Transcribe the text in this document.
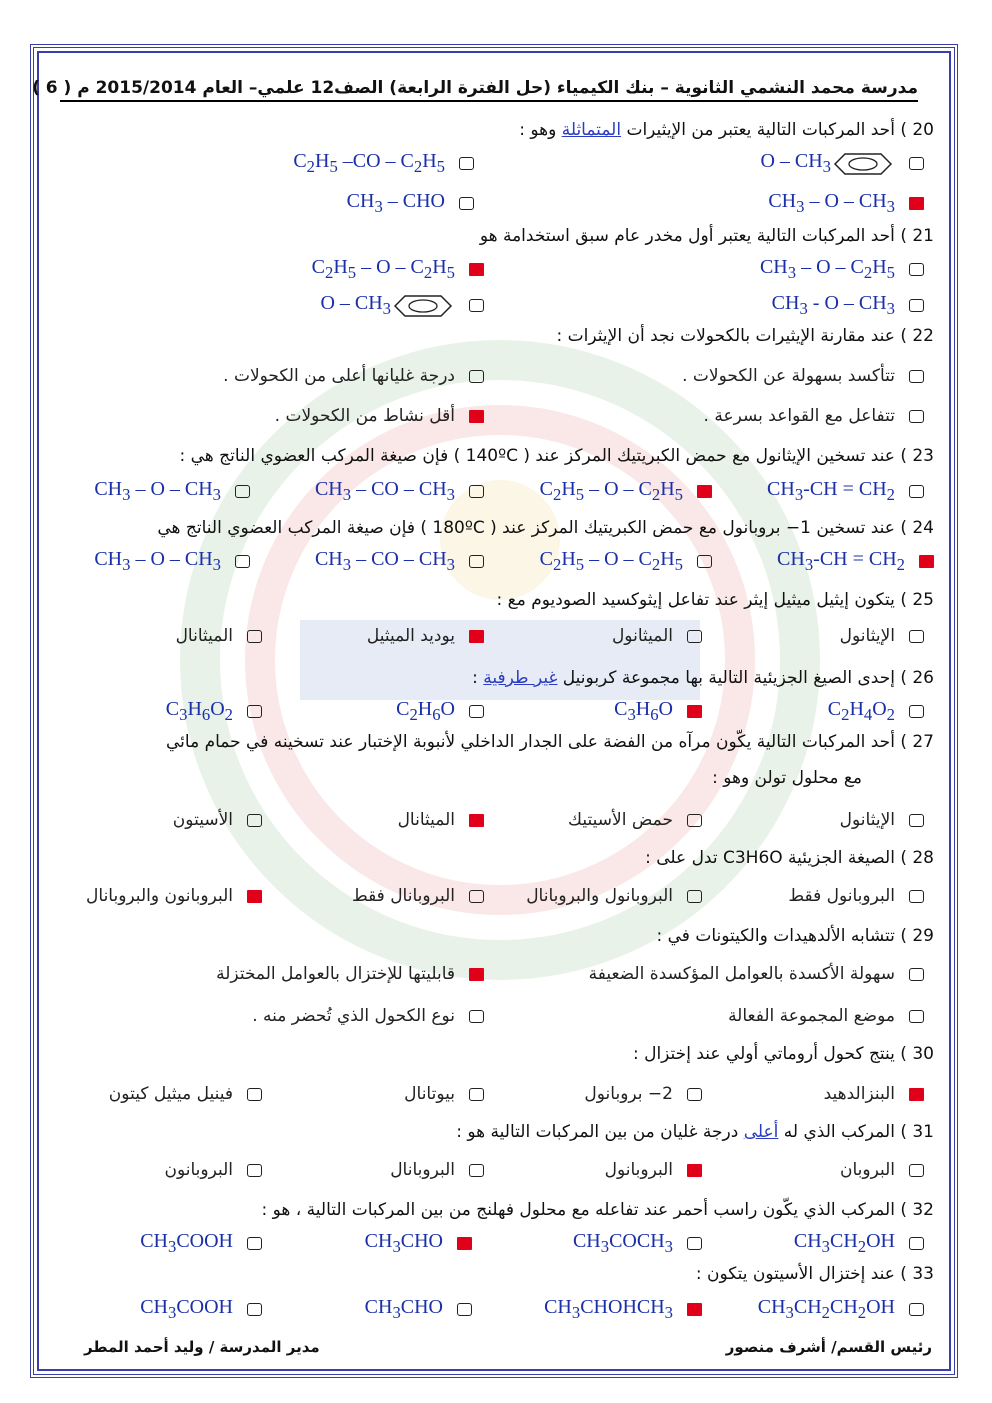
مدرسة محمد النشمي الثانوية – بنك الكيمياء (حل الفترة الرابعة) الصف12 علمي– العام 2015/2014 م ( 6 )
20 ) أحد المركبات التالية يعتبر من الإيثيرات المتماثلة وهو :
O – $CH_3$
$C_2H_5$ $-CO - C_2H_5$
$CH_3$ – O – $CH_3$
$CH_3$ – CHO
21 ) أحد المركبات التالية يعتبر أول مخدر عام سبق استخدامة هو
$CH_3$ – O – $C_2H_5$
$C_2H_5$ – O – $C_2H_5$
$CH_3$ - O – $CH_3$
O – $CH_3$
22 ) عند مقارنة الإيثيرات بالكحولات نجد أن الإيثرات :
تتأكسد بسهولة عن الكحولات .
درجة غليانها أعلى من الكحولات .
تتفاعل مع القواعد بسرعة .
أقل نشاط من الكحولات .
23 ) عند تسخين الإيثانول مع حمض الكبريتيك المركز عند ( 140ºC ) فإن صيغة المركب العضوي الناتج هي :
$CH_3-CH = CH_2$
$C_2H_5$ – O – $C_2H_5$
$CH_3$ – CO – $CH_3$
$CH_3$ – O – $CH_3$
24 ) عند تسخين 1− بروبانول مع حمض الكبريتيك المركز عند ( 180ºC ) فإن صيغة المركب العضوي الناتج هي
$CH_3-CH = CH_2$
$C_2H_5$ – O – $C_2H_5$
$CH_3$ – CO – $CH_3$
$CH_3$ – O – $CH_3$
25 ) يتكون إيثيل ميثيل إيثر عند تفاعل إيثوكسيد الصوديوم مع :
الإيثانول
الميثانول
يوديد الميثيل
الميثانال
26 ) إحدى الصيغ الجزيئية التالية بها مجموعة كربونيل غير طرفية :
$C_2H_4O_2$
$C_3H_6O$
$C_2H_6O$
$C_3H_6O_2$
27 ) أحد المركبات التالية يكّون مرآه من الفضة على الجدار الداخلي لأنبوبة الإختبار عند تسخينه في حمام مائي
مع محلول تولن وهو :
الإيثانول
حمض الأسيتيك
الميثانال
الأسيتون
28 ) الصيغة الجزيئية C3H6O تدل على :
البروبانول فقط
البروبانول والبروبانال
البروبانال فقط
البروبانون والبروبانال
29 ) تتشابه الألدهيدات والكيتونات في :
سهولة الأكسدة بالعوامل المؤكسدة الضعيفة
قابليتها للإختزال بالعوامل المختزلة
موضع المجموعة الفعالة
نوع الكحول الذي تُحضر منه .
30 ) ينتج كحول أروماتي أولي عند إختزال :
البنزالدهيد
2− بروبانول
بيوتانال
فينيل ميثيل كيتون
31 ) المركب الذي له أعلى درجة غليان من بين المركبات التالية هو :
البروبان
البروبانول
البروبانال
البروبانون
32 ) المركب الذي يكّون راسب أحمر عند تفاعله مع محلول فهلنج من بين المركبات التالية ، هو :
$CH_3CH_2OH$
$CH_3COCH_3$
$CH_3CHO$
$CH_3COOH$
33 ) عند إختزال الأسيتون يتكون :
$CH_3CH_2CH_2OH$
$CH_3CHOHCH_3$
$CH_3CHO$
$CH_3COOH$
رئيس القسم/ أشرف منصور
مدير المدرسة / وليد أحمد المطر
